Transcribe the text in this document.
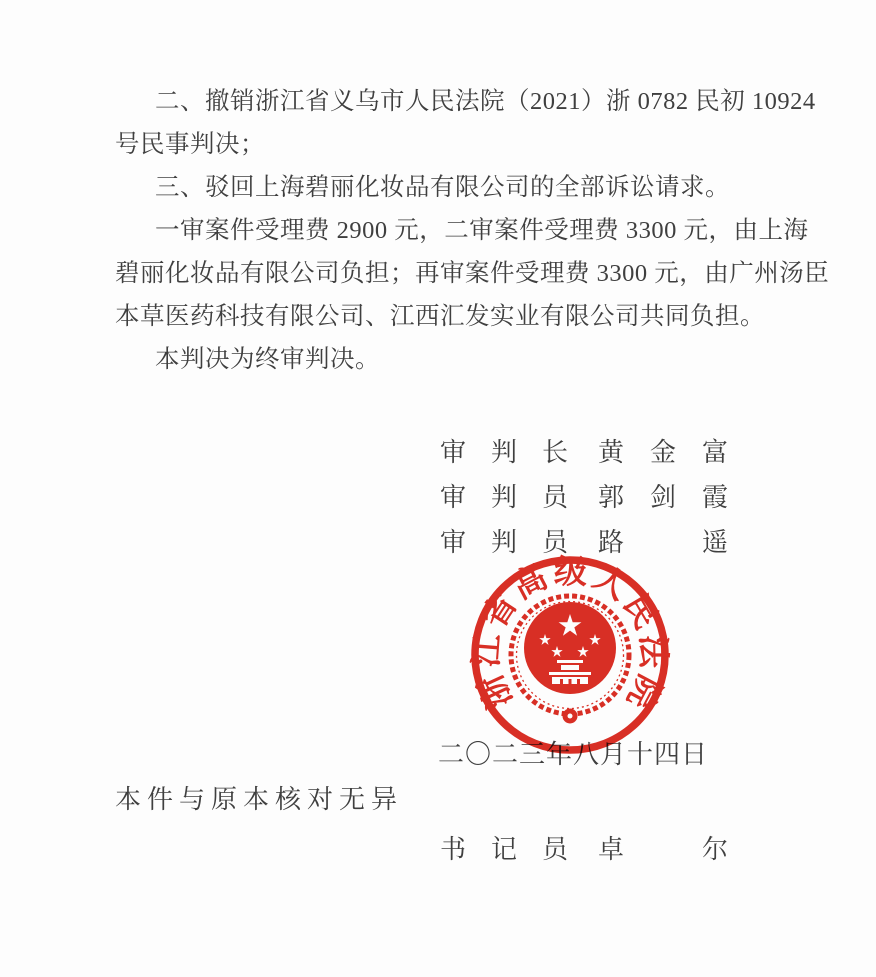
二、撤销浙江省义乌市人民法院（2021）浙 0782 民初 10924
号民事判决；
三、驳回上海碧丽化妆品有限公司的全部诉讼请求。
一审案件受理费 2900 元，二审案件受理费 3300 元，由上海
碧丽化妆品有限公司负担；再审案件受理费 3300 元，由广州汤臣
本草医药科技有限公司、江西汇发实业有限公司共同负担。
本判决为终审判决。
审判长 黄金富
审判员 郭剑霞
审判员 路遥
浙江省高级人民法院
二〇二三年八月十四日
本件与原本核对无异
书记员 卓尔
